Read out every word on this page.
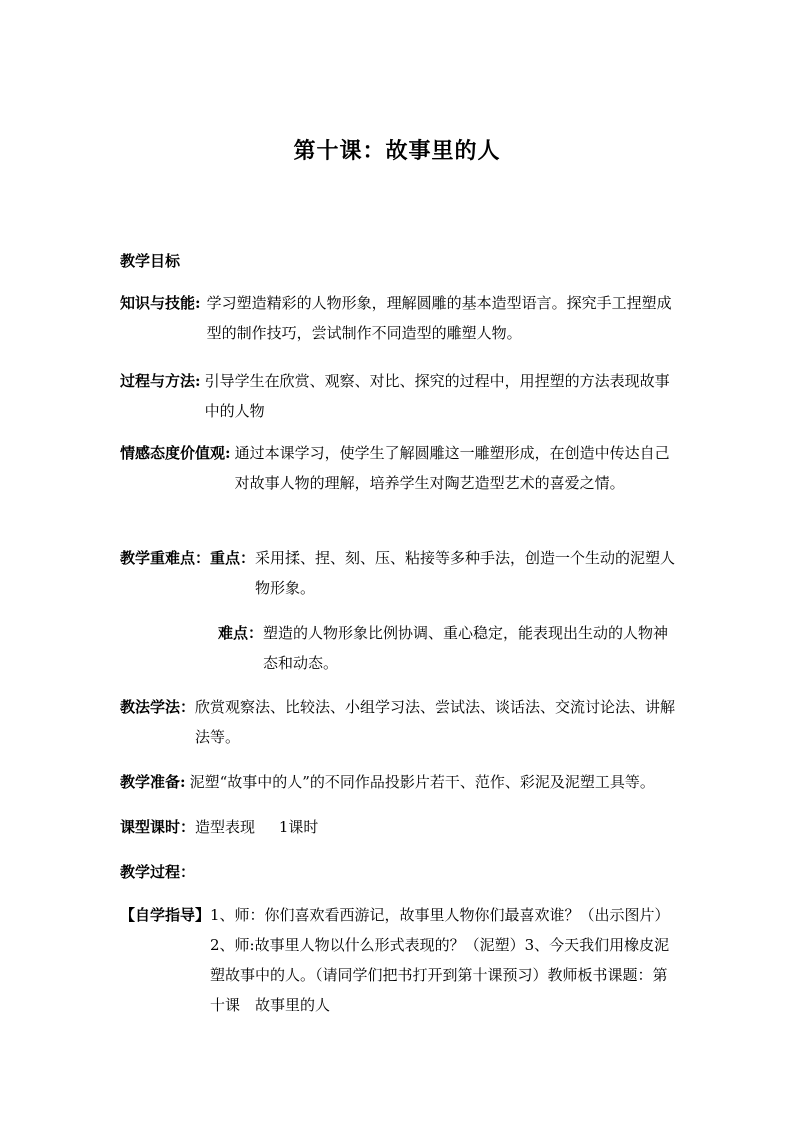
第十课：故事里的人
教学目标
知识与技能: 学习塑造精彩的人物形象，理解圆雕的基本造型语言。探究手工捏塑成型的制作技巧，尝试制作不同造型的雕塑人物。
过程与方法: 引导学生在欣赏、观察、对比、探究的过程中，用捏塑的方法表现故事中的人物
情感态度价值观: 通过本课学习，使学生了解圆雕这一雕塑形成，在创造中传达自己对故事人物的理解，培养学生对陶艺造型艺术的喜爱之情。
教学重难点：重点： 采用揉、捏、刻、压、粘接等多种手法，创造一个生动的泥塑人物形象。
难点： 塑造的人物形象比例协调、重心稳定，能表现出生动的人物神态和动态。
教法学法： 欣赏观察法、比较法、小组学习法、尝试法、谈话法、交流讨论法、讲解法等。
教学准备: 泥塑“故事中的人”的不同作品投影片若干、范作、彩泥及泥塑工具等。
课型课时： 造型表现     1课时
教学过程：
【自学指导】 1、师：你们喜欢看西游记，故事里人物你们最喜欢谁？（出示图片）2、师:故事里人物以什么形式表现的？（泥塑）3、今天我们用橡皮泥塑故事中的人。（请同学们把书打开到第十课预习）教师板书课题：第十课　故事里的人
